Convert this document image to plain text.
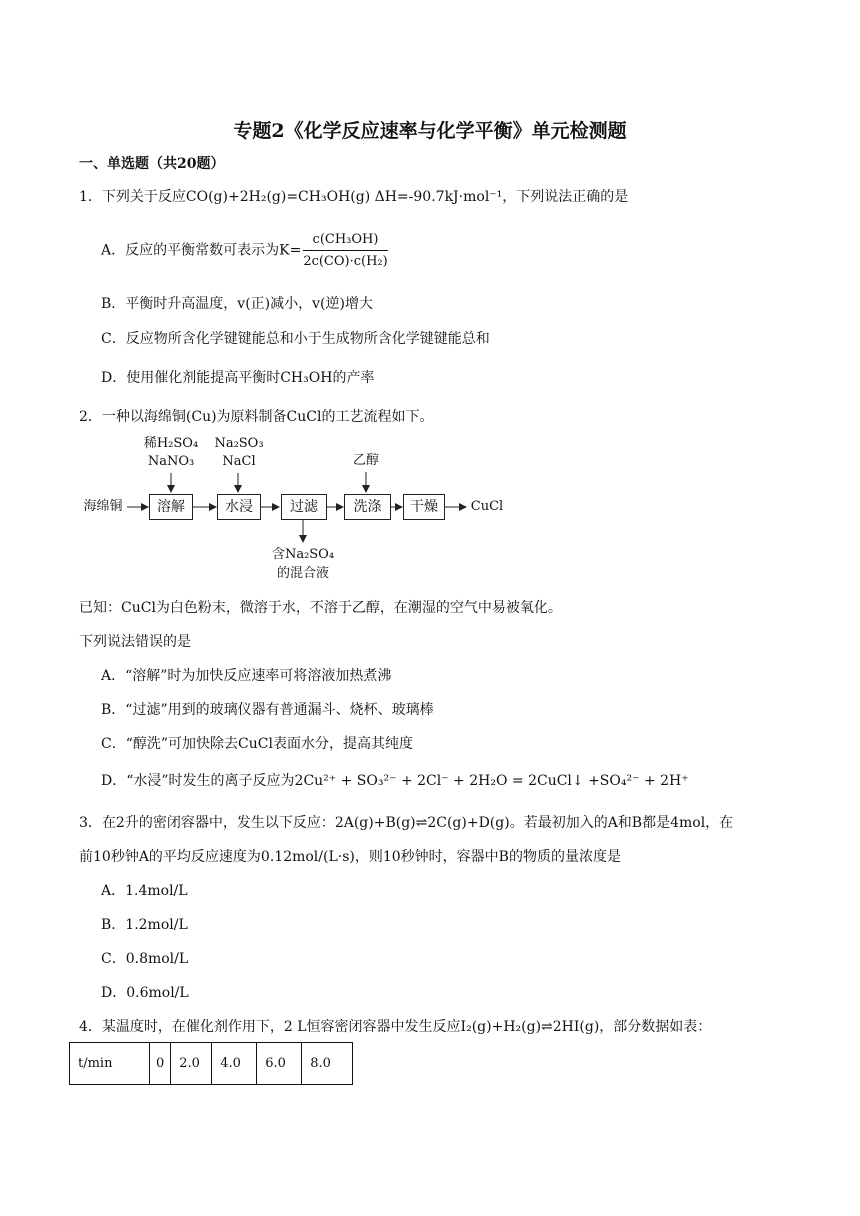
专题2《化学反应速率与化学平衡》单元检测题
一、单选题（共20题）
1．下列关于反应CO(g)+2H₂(g)=CH₃OH(g) ΔH=-90.7kJ·mol⁻¹，下列说法正确的是
A．反应的平衡常数可表示为$K= \frac{\text{c(CH₃OH)}}{\text{2c(CO)·c(H₂)}}$
B．平衡时升高温度，v(正)减小，v(逆)增大
C．反应物所含化学键键能总和小于生成物所含化学键键能总和
D．使用催化剂能提高平衡时CH₃OH的产率
2．一种以海绵铜(Cu)为原料制备CuCl的工艺流程如下。
海绵铜
稀H₂SO₄
NaNO₃
Na₂SO₃
NaCl	乙醇
溶解	水浸	过滤	洗涤	干燥	CuCl
含Na₂SO₄
的混合液
已知：CuCl为白色粉末，微溶于水，不溶于乙醇，在潮湿的空气中易被氧化。
下列说法错误的是
A．“溶解”时为加快反应速率可将溶液加热煮沸
B．“过滤”用到的玻璃仪器有普通漏斗、烧杯、玻璃棒
C．“醇洗”可加快除去CuCl表面水分，提高其纯度
D．“水浸”时发生的离子反应为2Cu²⁺ + SO₃²⁻ + 2Cl⁻ + 2H₂O = 2CuCl↓ +SO₄²⁻ + 2H⁺
3．在2升的密闭容器中，发生以下反应：2A(g)+B(g)⇌2C(g)+D(g)。若最初加入的A和B都是4mol，在
前10秒钟A的平均反应速度为0.12mol/(L·s)，则10秒钟时，容器中B的物质的量浓度是
A．1.4mol/L
B．1.2mol/L
C．0.8mol/L
D．0.6mol/L
4．某温度时，在催化剂作用下，2 L恒容密闭容器中发生反应I₂(g)+H₂(g)⇌2HI(g)，部分数据如表：
t/min	0	2.0	4.0	6.0	8.0
